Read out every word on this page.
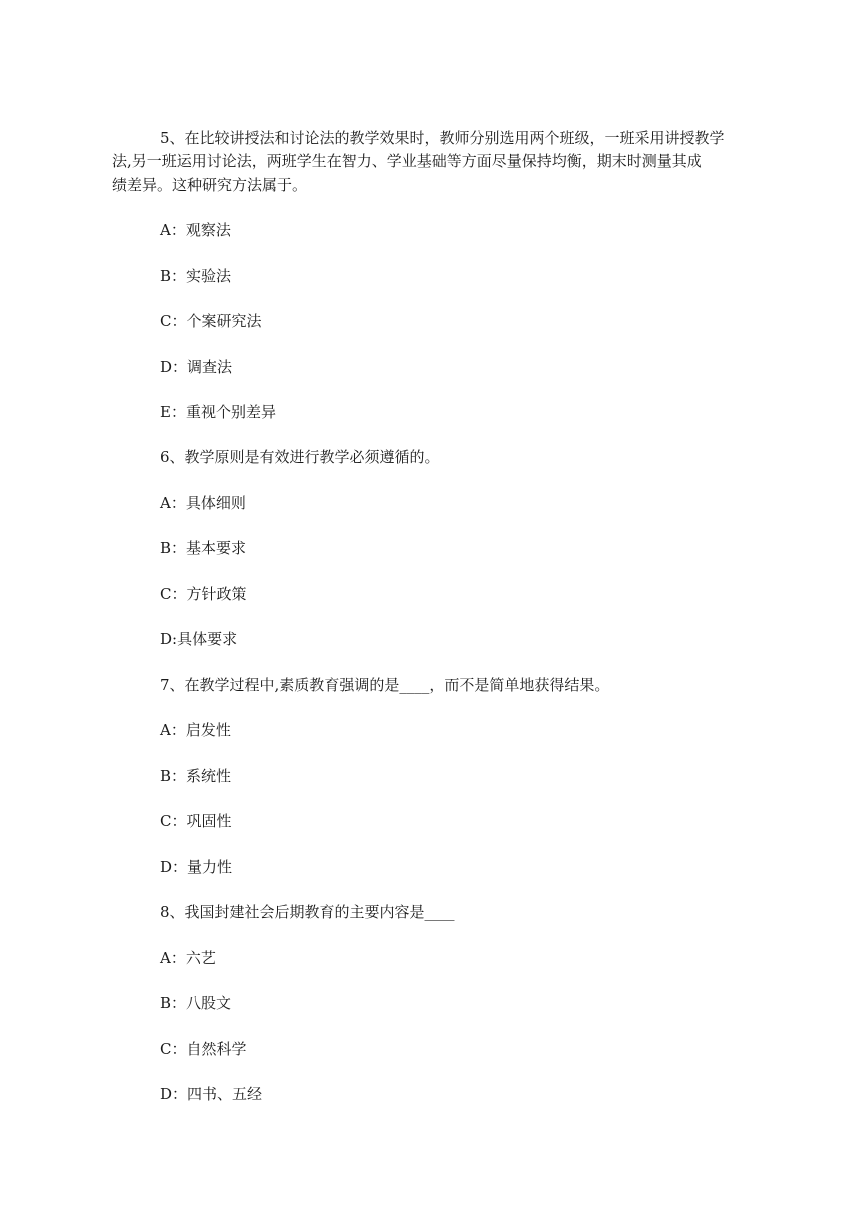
5、在比较讲授法和讨论法的教学效果时，教师分别选用两个班级，一班采用讲授教学
法,另一班运用讨论法，两班学生在智力、学业基础等方面尽量保持均衡，期末时测量其成
绩差异。这种研究方法属于。
A：观察法
B：实验法
C：个案研究法
D：调查法
E：重视个别差异
6、教学原则是有效进行教学必须遵循的。
A：具体细则
B：基本要求
C：方针政策
D:具体要求
7、在教学过程中,素质教育强调的是____，而不是简单地获得结果。
A：启发性
B：系统性
C：巩固性
D：量力性
8、我国封建社会后期教育的主要内容是____
A：六艺
B：八股文
C：自然科学
D：四书、五经
